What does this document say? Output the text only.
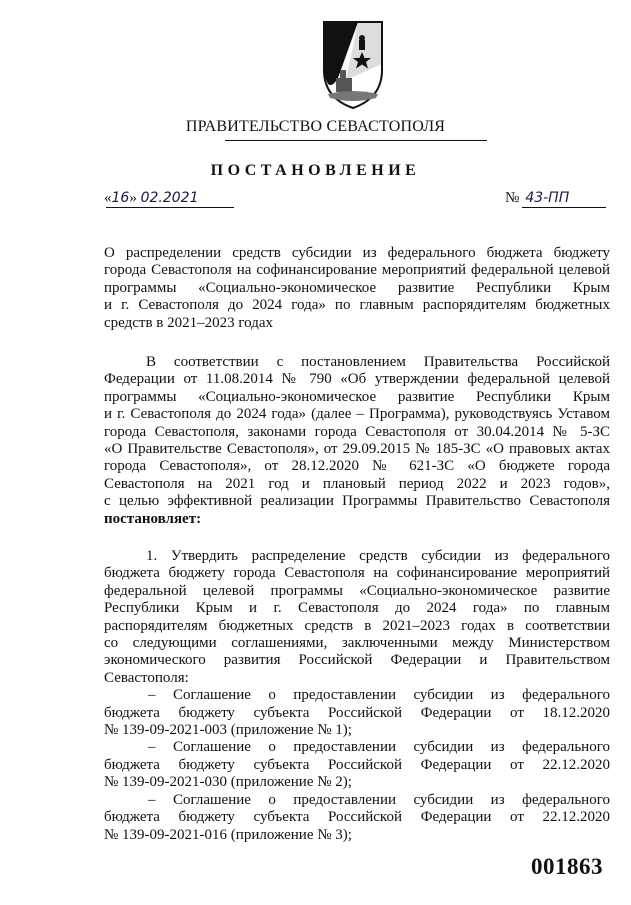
ПРАВИТЕЛЬСТВО СЕВАСТОПОЛЯ
ПОСТАНОВЛЕНИЕ
«16» 02.2021	№ 43-ПП
О распределении средств субсидии из федерального бюджета бюджету
города Севастополя на софинансирование мероприятий федеральной целевой
программы «Социально-экономическое развитие Республики Крым
и г. Севастополя до 2024 года» по главным распорядителям бюджетных
средств в 2021–2023 годах
В соответствии с постановлением Правительства Российской
Федерации от 11.08.2014 № 790 «Об утверждении федеральной целевой
программы «Социально-экономическое развитие Республики Крым
и г. Севастополя до 2024 года» (далее – Программа), руководствуясь Уставом
города Севастополя, законами города Севастополя от 30.04.2014 № 5-ЗС
«О Правительстве Севастополя», от 29.09.2015 № 185-ЗС «О правовых актах
города Севастополя», от 28.12.2020 № 621-ЗС «О бюджете города
Севастополя на 2021 год и плановый период 2022 и 2023 годов»,
с целью эффективной реализации Программы Правительство Севастополя
постановляет:
1. Утвердить распределение средств субсидии из федерального
бюджета бюджету города Севастополя на софинансирование мероприятий
федеральной целевой программы «Социально-экономическое развитие
Республики Крым и г. Севастополя до 2024 года» по главным
распорядителям бюджетных средств в 2021–2023 годах в соответствии
со следующими соглашениями, заключенными между Министерством
экономического развития Российской Федерации и Правительством
Севастополя:
– Соглашение о предоставлении субсидии из федерального
бюджета бюджету субъекта Российской Федерации от 18.12.2020
№ 139-09-2021-003 (приложение № 1);
– Соглашение о предоставлении субсидии из федерального
бюджета бюджету субъекта Российской Федерации от 22.12.2020
№ 139-09-2021-030 (приложение № 2);
– Соглашение о предоставлении субсидии из федерального
бюджета бюджету субъекта Российской Федерации от 22.12.2020
№ 139-09-2021-016 (приложение № 3);
001863
